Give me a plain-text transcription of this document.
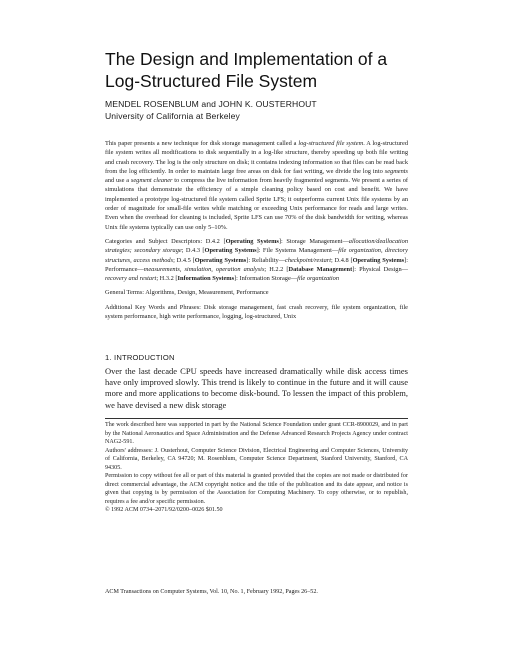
The Design and Implementation of a
Log-Structured File System
MENDEL ROSENBLUM and JOHN K. OUSTERHOUT
University of California at Berkeley

This paper presents a new technique for disk storage management called a log-structured file system. A log-structured file system writes all modifications to disk sequentially in a log-like structure, thereby speeding up both file writing and crash recovery. The log is the only structure on disk; it contains indexing information so that files can be read back from the log efficiently. In order to maintain large free areas on disk for fast writing, we divide the log into segments and use a segment cleaner to compress the live information from heavily fragmented segments. We present a series of simulations that demonstrate the efficiency of a simple cleaning policy based on cost and benefit. We have implemented a prototype log-structured file system called Sprite LFS; it outperforms current Unix file systems by an order of magnitude for small-file writes while matching or exceeding Unix performance for reads and large writes. Even when the overhead for cleaning is included, Sprite LFS can use 70% of the disk bandwidth for writing, whereas Unix file systems typically can use only 5–10%.

Categories and Subject Descriptors: D.4.2 [Operating Systems]: Storage Management—allocation/deallocation strategies; secondary storage; D.4.3 [Operating Systems]: File Systems Management—file organization, directory structures, access methods; D.4.5 [Operating Systems]: Reliability—checkpoint/restart; D.4.8 [Operating Systems]: Performance—measurements, simulation, operation analysis; H.2.2 [Database Management]: Physical Design—recovery and restart; H.3.2 [Information Systems]: Information Storage—file organization

General Terms: Algorithms, Design, Measurement, Performance

Additional Key Words and Phrases: Disk storage management, fast crash recovery, file system organization, file system performance, high write performance, logging, log-structured, Unix

1. INTRODUCTION

Over the last decade CPU speeds have increased dramatically while disk access times have only improved slowly. This trend is likely to continue in the future and it will cause more and more applications to become disk-bound. To lessen the impact of this problem, we have devised a new disk storage

The work described here was supported in part by the National Science Foundation under grant CCR-8900029, and in part by the National Aeronautics and Space Administration and the Defense Advanced Research Projects Agency under contract NAG2-591.

Authors' addresses: J. Ousterhout, Computer Science Division, Electrical Engineering and Computer Sciences, University of California, Berkeley, CA 94720; M. Rosenblum, Computer Science Department, Stanford University, Stanford, CA 94305.

Permission to copy without fee all or part of this material is granted provided that the copies are not made or distributed for direct commercial advantage, the ACM copyright notice and the title of the publication and its date appear, and notice is given that copying is by permission of the Association for Computing Machinery. To copy otherwise, or to republish, requires a fee and/or specific permission.

© 1992 ACM 0734–2071/92/0200–0026 $01.50

ACM Transactions on Computer Systems, Vol. 10, No. 1, February 1992, Pages 26–52.
